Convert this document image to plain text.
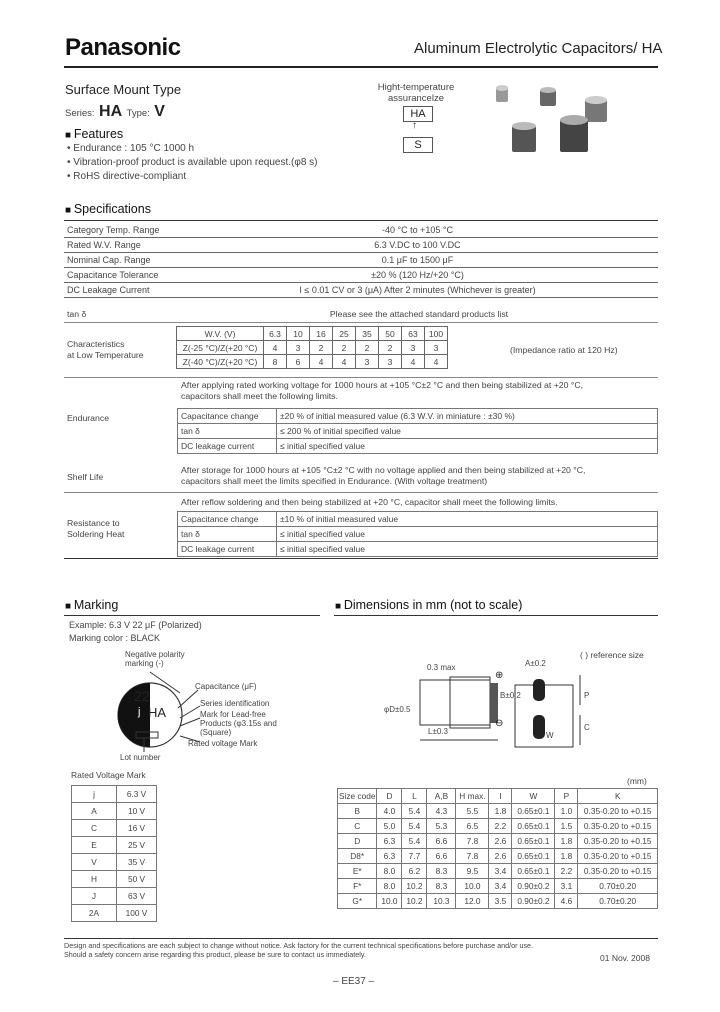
Panasonic	Aluminum Electrolytic Capacitors/ HA
Surface Mount Type
Series: HA Type: V
Hight-temperature
assurancelze
HA
↑
S
■ Features
• Endurance : 105 °C 1000 h
• Vibration-proof product is available upon request.(φ8 s)
• RoHS directive-compliant
■ Specifications
Category Temp. Range	-40 °C to +105 °C
Rated W.V. Range	6.3 V.DC to 100 V.DC
Nominal Cap. Range	0.1 μF to 1500 μF
Capacitance Tolerance	±20 % (120 Hz/+20 °C)
DC Leakage Current	I ≤ 0.01 CV or 3 (μA) After 2 minutes (Whichever is greater)
tan δ	Please see the attached standard products list
Characteristics
at Low Temperature
W.V. (V)	6.3	10	16	25	35	50	63	100
Z(-25 °C)/Z(+20 °C)	4	3	2	2	2	2	3	3
Z(-40 °C)/Z(+20 °C)	8	6	4	4	3	3	4	4
(Impedance ratio at 120 Hz)
After applying rated working voltage for 1000 hours at +105 °C±2 °C and then being stabilized at +20 °C,
capacitors shall meet the following limits.
Endurance	Capacitance change	±20 % of initial measured value (6.3 W.V. in miniature : ±30 %)
tan δ	≤ 200 % of initial specified value
DC leakage current	≤ initial specified value
After storage for 1000 hours at +105 °C±2 °C with no voltage applied and then being stabilized at +20 °C,
capacitors shall meet the limits specified in Endurance. (With voltage treatment)
Shelf Life
After reflow soldering and then being stabilized at +20 °C, capacitor shall meet the following limits.
Resistance to
Soldering Heat
Capacitance change	±10 % of initial measured value
tan δ	≤ initial specified value
DC leakage current	≤ initial specified value
■ Marking
Example: 6.3 V 22 μF (Polarized)
Marking color : BLACK
22
j HA
Negative polarity
marking (-)
Capacitance (μF)
Series identification
Mark for Lead-free
Products (φ3.15s and
(Square)
Rated voltage Mark
Lot number
Rated Voltage Mark
j	6.3 V
A	10 V
C	16 V
E	25 V
V	35 V
H	50 V
J	63 V
2A	100 V
■ Dimensions in mm (not to scale)
( ) reference size
0.3 max
φD±0.5
L±0.3
A±0.2
B±0.2
⊕
⊖
W
P
C
(mm)
Size code	D	L	A,B	H max.	I	W	P	K
B	4.0	5.4	4.3	5.5	1.8	0.65±0.1	1.0	0.35-0.20 to +0.15
C	5.0	5.4	5.3	6.5	2.2	0.65±0.1	1.5	0.35-0.20 to +0.15
D	6.3	5.4	6.6	7.8	2.6	0.65±0.1	1.8	0.35-0.20 to +0.15
D8*	6.3	7.7	6.6	7.8	2.6	0.65±0.1	1.8	0.35-0.20 to +0.15
E*	8.0	6.2	8.3	9.5	3.4	0.65±0.1	2.2	0.35-0.20 to +0.15
F*	8.0	10.2	8.3	10.0	3.4	0.90±0.2	3.1	0.70±0.20
G*	10.0	10.2	10.3	12.0	3.5	0.90±0.2	4.6	0.70±0.20
Design and specifications are each subject to change without notice. Ask factory for the current technical specifications before purchase and/or use.
Should a safety concern arise regarding this product, please be sure to contact us immediately.	01 Nov. 2008
– EE37 –
